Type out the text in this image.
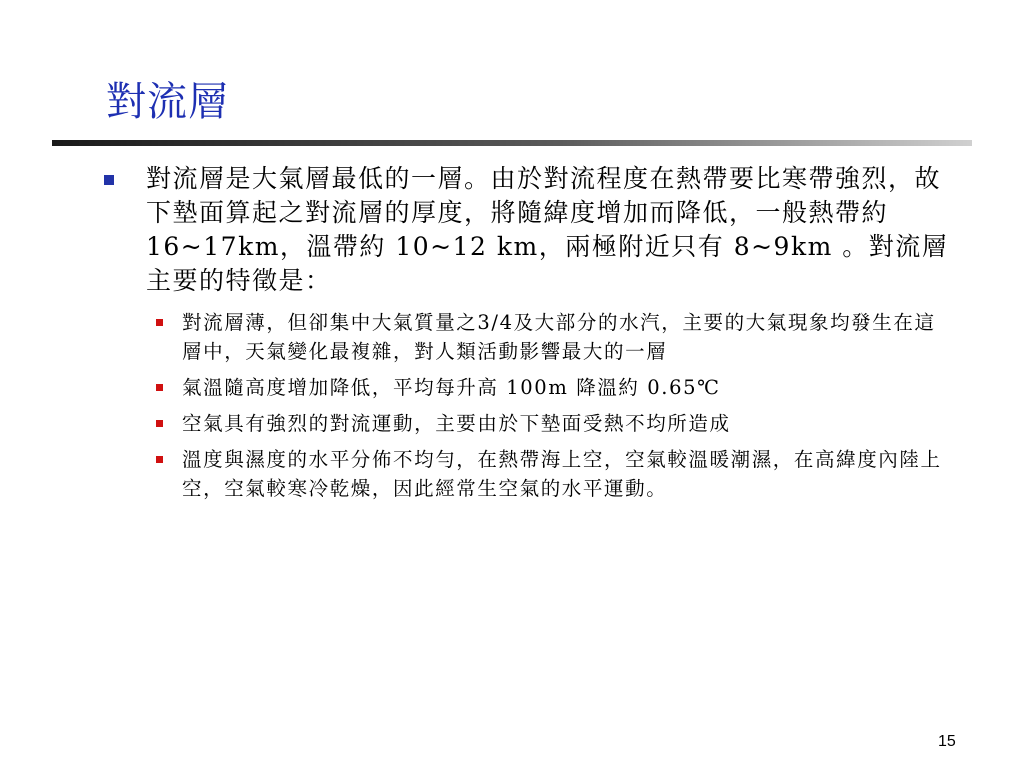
對流層
對流層是大氣層最低的一層。由於對流程度在熱帶要比寒帶強烈，故下墊面算起之對流層的厚度，將隨緯度增加而降低，一般熱帶約 16~17km，溫帶約 10~12 km，兩極附近只有 8~9km 。對流層主要的特徵是：
對流層薄，但卻集中大氣質量之3/4及大部分的水汽，主要的大氣現象均發生在這層中，天氣變化最複雜，對人類活動影響最大的一層
氣溫隨高度增加降低，平均每升高 100m 降溫約 0.65℃
空氣具有強烈的對流運動，主要由於下墊面受熱不均所造成
溫度與濕度的水平分佈不均勻，在熱帶海上空，空氣較溫暖潮濕，在高緯度內陸上空，空氣較寒冷乾燥，因此經常生空氣的水平運動。
15
